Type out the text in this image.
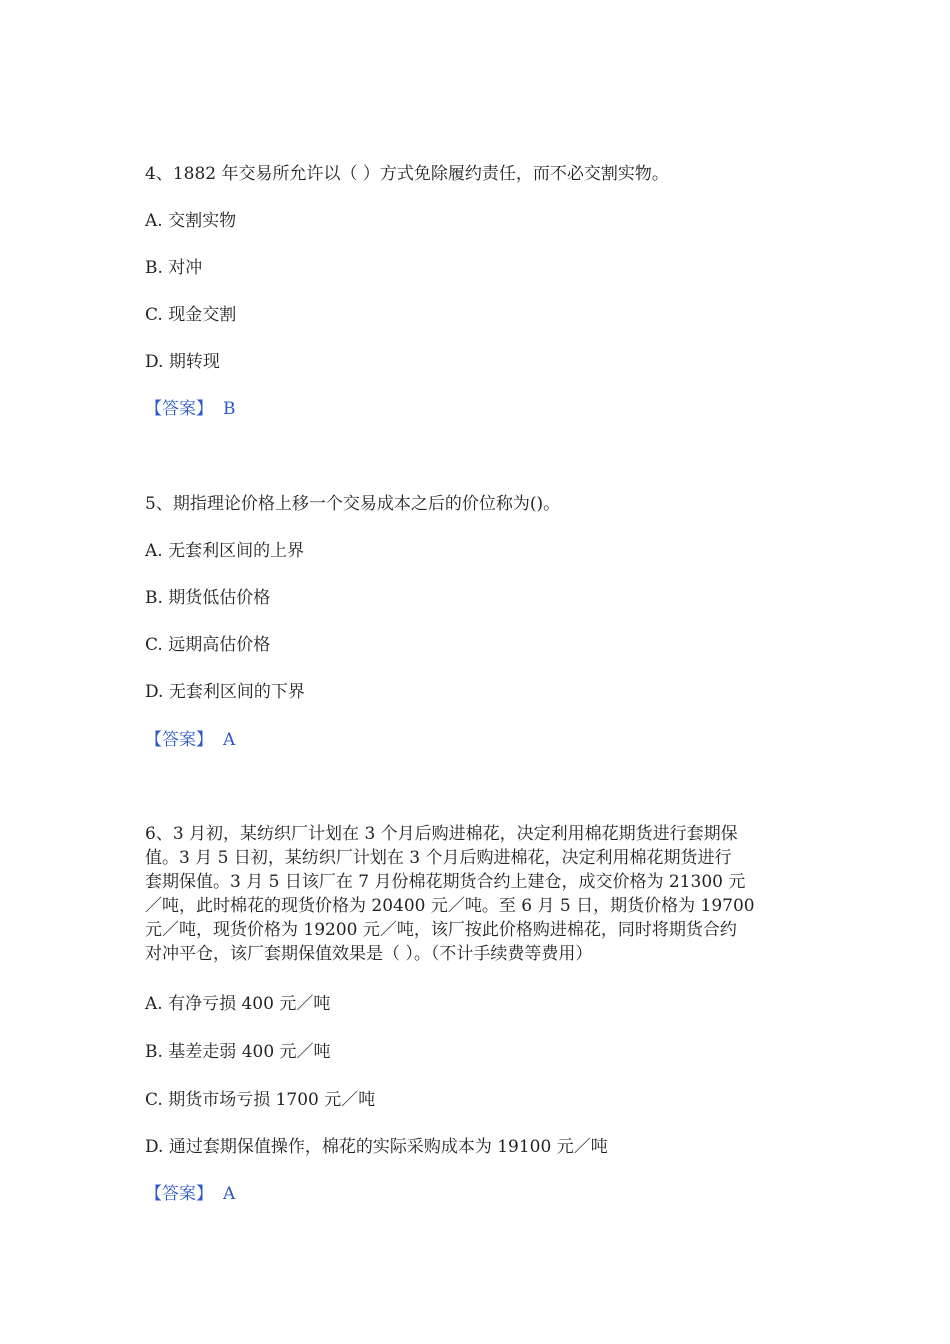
4、1882 年交易所允许以（ ）方式免除履约责任，而不必交割实物。
A. 交割实物
B. 对冲
C. 现金交割
D. 期转现
【答案】 B
5、期指理论价格上移一个交易成本之后的价位称为()。
A. 无套利区间的上界
B. 期货低估价格
C. 远期高估价格
D. 无套利区间的下界
【答案】 A
6、3 月初，某纺织厂计划在 3 个月后购进棉花，决定利用棉花期货进行套期保
值。3 月 5 日初，某纺织厂计划在 3 个月后购进棉花，决定利用棉花期货进行
套期保值。3 月 5 日该厂在 7 月份棉花期货合约上建仓，成交价格为 21300 元
／吨，此时棉花的现货价格为 20400 元／吨。至 6 月 5 日，期货价格为 19700
元／吨，现货价格为 19200 元／吨，该厂按此价格购进棉花，同时将期货合约
对冲平仓，该厂套期保值效果是（ ）。（不计手续费等费用）
A. 有净亏损 400 元／吨
B. 基差走弱 400 元／吨
C. 期货市场亏损 1700 元／吨
D. 通过套期保值操作，棉花的实际采购成本为 19100 元／吨
【答案】 A
